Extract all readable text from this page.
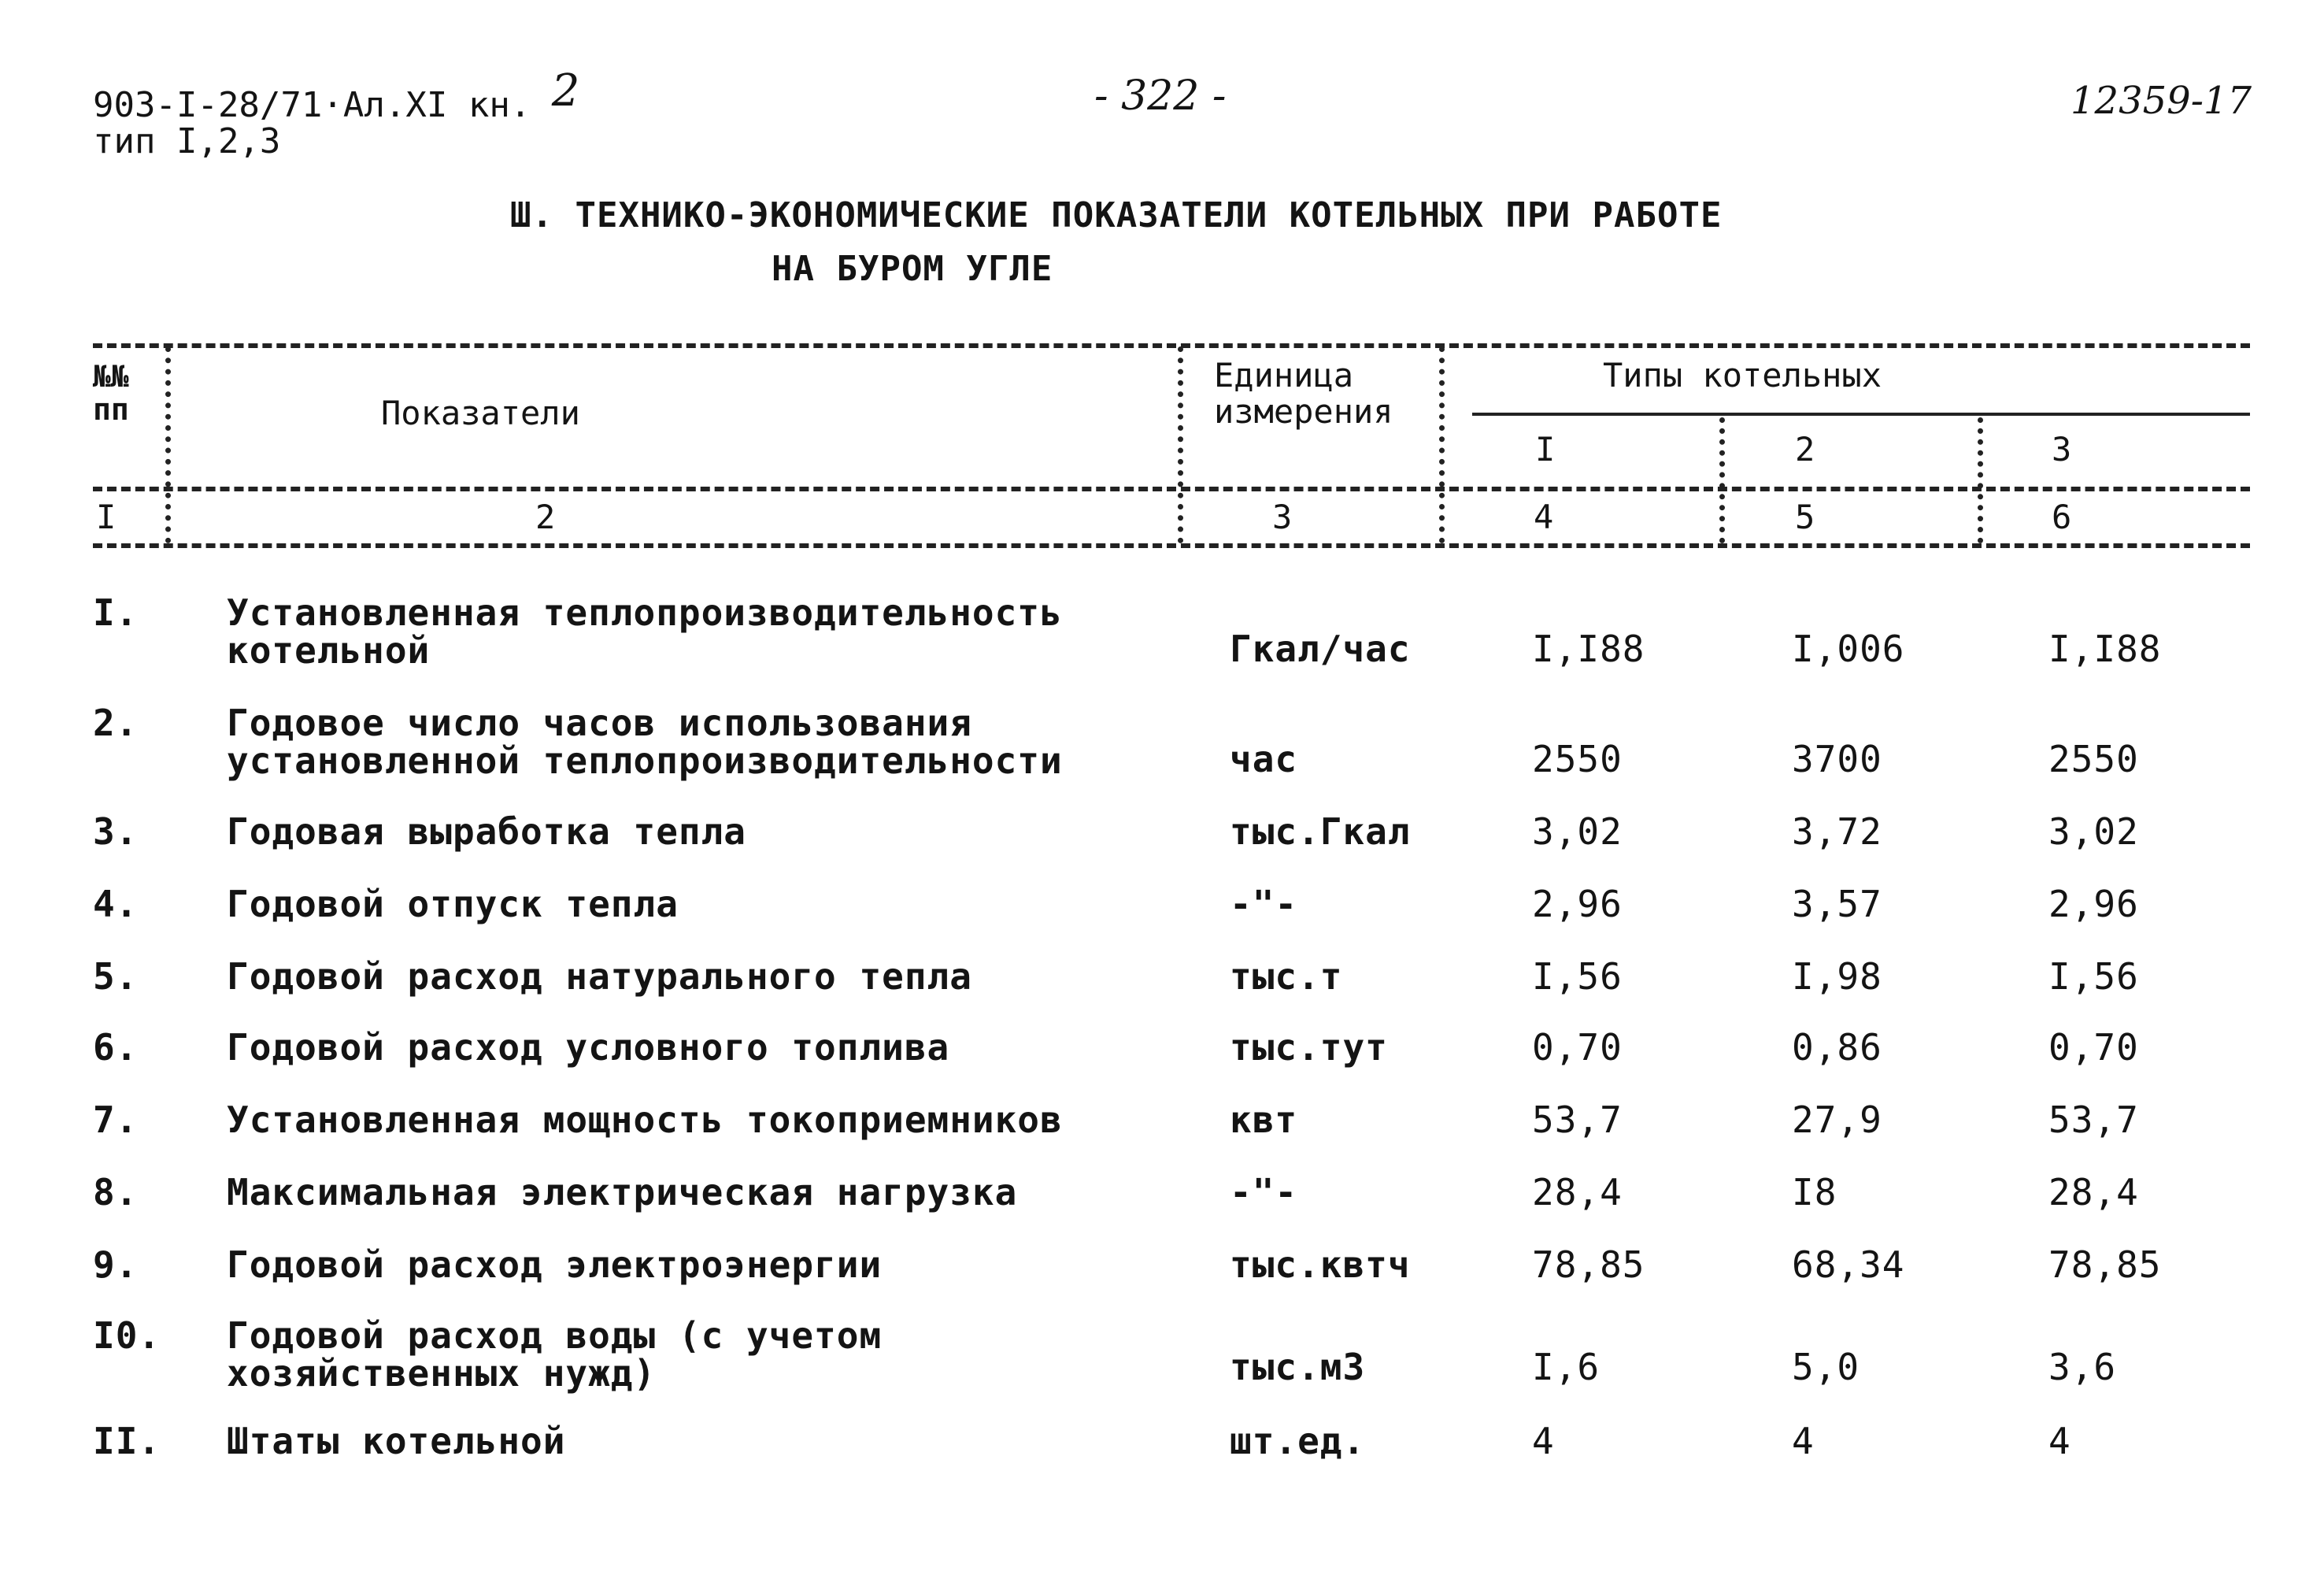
903-I-28/71·Ал.XI кн. 2
тип I,2,3
- 322 -	12359-17
Ш. ТЕХНИКО-ЭКОНОМИЧЕСКИЕ ПОКАЗАТЕЛИ КОТЕЛЬНЫХ ПРИ РАБОТЕ
НА БУРОМ УГЛЕ
№№ пп	Показатели
Единица измерения
Типы котельных
I	2	3
I	2	3	4	5	6
I. Установленная теплопроизводительность котельной	Гкал/час	I,I88	I,006	I,I88
2. Годовое число часов использования установленной теплопроизводительности	час	2550	3700	2550
3. Годовая выработка тепла	тыс.Гкал	3,02	3,72	3,02
4. Годовой отпуск тепла	-"-	2,96	3,57	2,96
5. Годовой расход натурального тепла	тыс.т	I,56	I,98	I,56
6. Годовой расход условного топлива	тыс.тут	0,70	0,86	0,70
7. Установленная мощность токоприемников	квт	53,7	27,9	53,7
8. Максимальная электрическая нагрузка	-"-	28,4	I8	28,4
9. Годовой расход электроэнергии	тыс.квтч	78,85	68,34	78,85
I0. Годовой расход воды (с учетом хозяйственных нужд)	тыс.м3	I,6	5,0	3,6
II. Штаты котельной	шт.ед.	4	4	4
